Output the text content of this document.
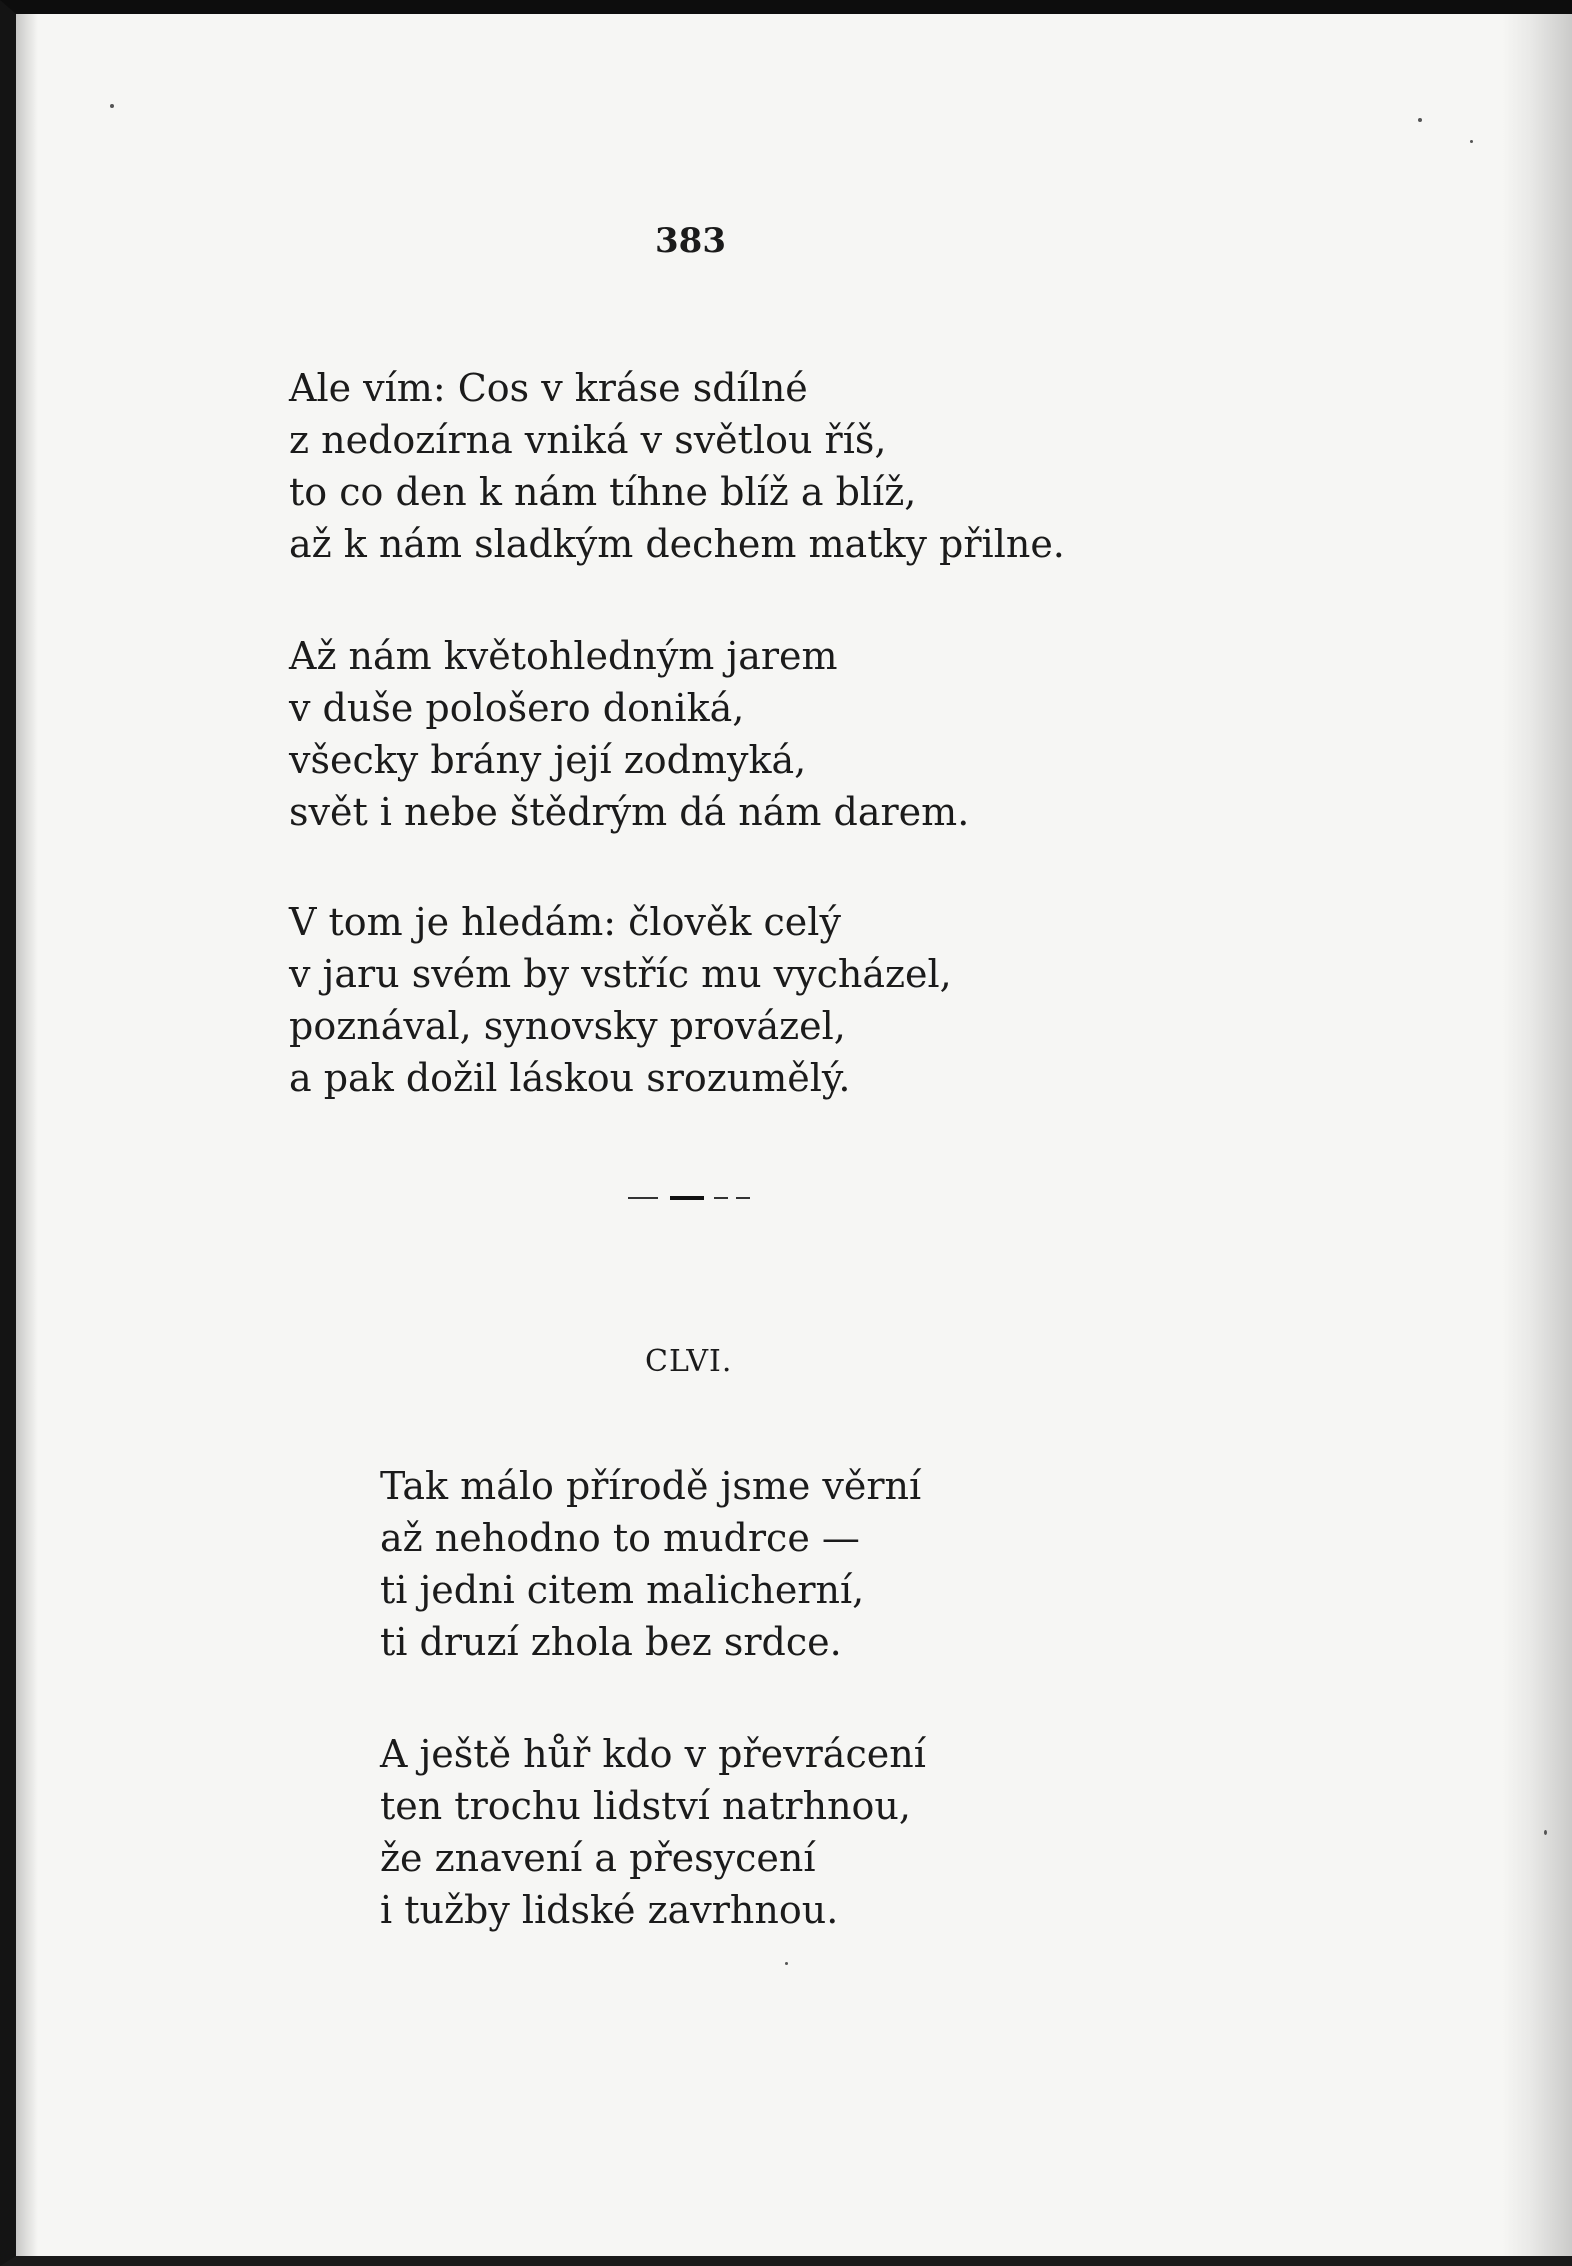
383

Ale vím: Cos v kráse sdílné
z nedozírna vniká v světlou říš,
to co den k nám tíhne blíž a blíž,
až k nám sladkým dechem matky přilne.
Až nám květohledným jarem
v duše pološero doniká,
všecky brány její zodmyká,
svět i nebe štědrým dá nám darem.
V tom je hledám: člověk celý
v jaru svém by vstříc mu vycházel,
poznával, synovsky provázel,
a pak dožil láskou srozumělý.

CLVI.

Tak málo přírodě jsme věrní
až nehodno to mudrce —
ti jedni citem malicherní,
ti druzí zhola bez srdce.
A ještě hůř kdo v převrácení
ten trochu lidství natrhnou,
že znavení a přesycení
i tužby lidské zavrhnou.
